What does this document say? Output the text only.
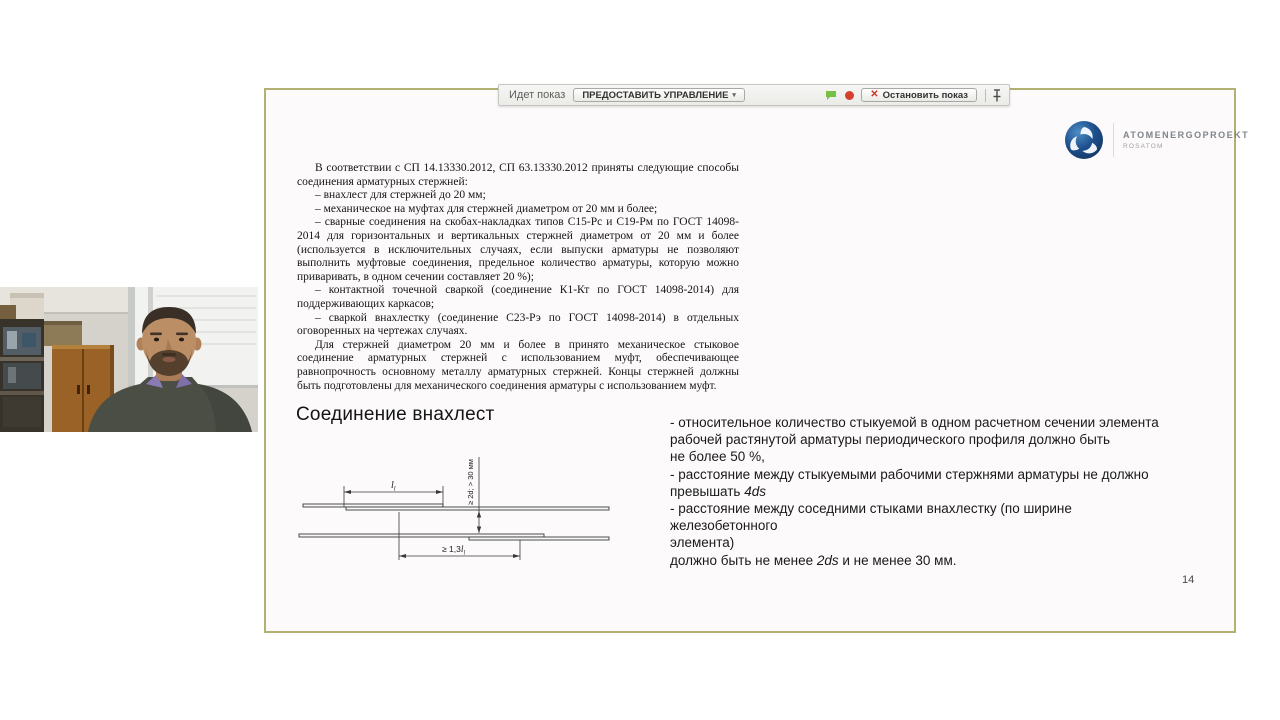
ATOMENERGOPROEKT
ROSATOM

В соответствии с СП 14.13330.2012, СП 63.13330.2012 приняты следующие способы соединения арматурных стержней:

– внахлест для стержней до 20 мм;

– механическое на муфтах для стержней диаметром от 20 мм и более;

– сварные соединения на скобах-накладках типов С15-Рс и С19-Рм по ГОСТ 14098-2014 для горизонтальных и вертикальных стержней диаметром от 20 мм и более (используется в исключительных случаях, если выпуски арматуры не позволяют выполнить муфтовые соединения, предельное количество арматуры, которую можно приваривать, в одном сечении составляет 20 %);

– контактной точечной сваркой (соединение К1-Кт по ГОСТ 14098-2014) для поддерживающих каркасов;

– сваркой внахлестку (соединение С23-Рэ по ГОСТ 14098-2014) в отдельных оговоренных на чертежах случаях.

Для стержней диаметром 20 мм и более в принято механическое стыковое соединение арматурных стержней с использованием муфт, обеспечивающее равнопрочность основному металлу арматурных стержней. Концы стержней должны быть подготовлены для механического соединения арматуры с использованием муфт.

Соединение внахлест	- относительное количество стыкуемой в одном расчетном сечении элемента
рабочей растянутой арматуры периодического профиля должно быть
не более 50 %,
- расстояние между стыкуемыми рабочими стержнями арматуры не должно
превышать 4ds
- расстояние между соседними стыками внахлестку (по ширине железобетонного
элемента)
должно быть не менее 2ds и не менее 30 мм.
$l_l$	≥ 2d; > 30 мм
≥ $1,3l_l$
14
Идет показ ПРЕДОСТАВИТЬ УПРАВЛЕНИЕ ▾	✕ Остановить показ
